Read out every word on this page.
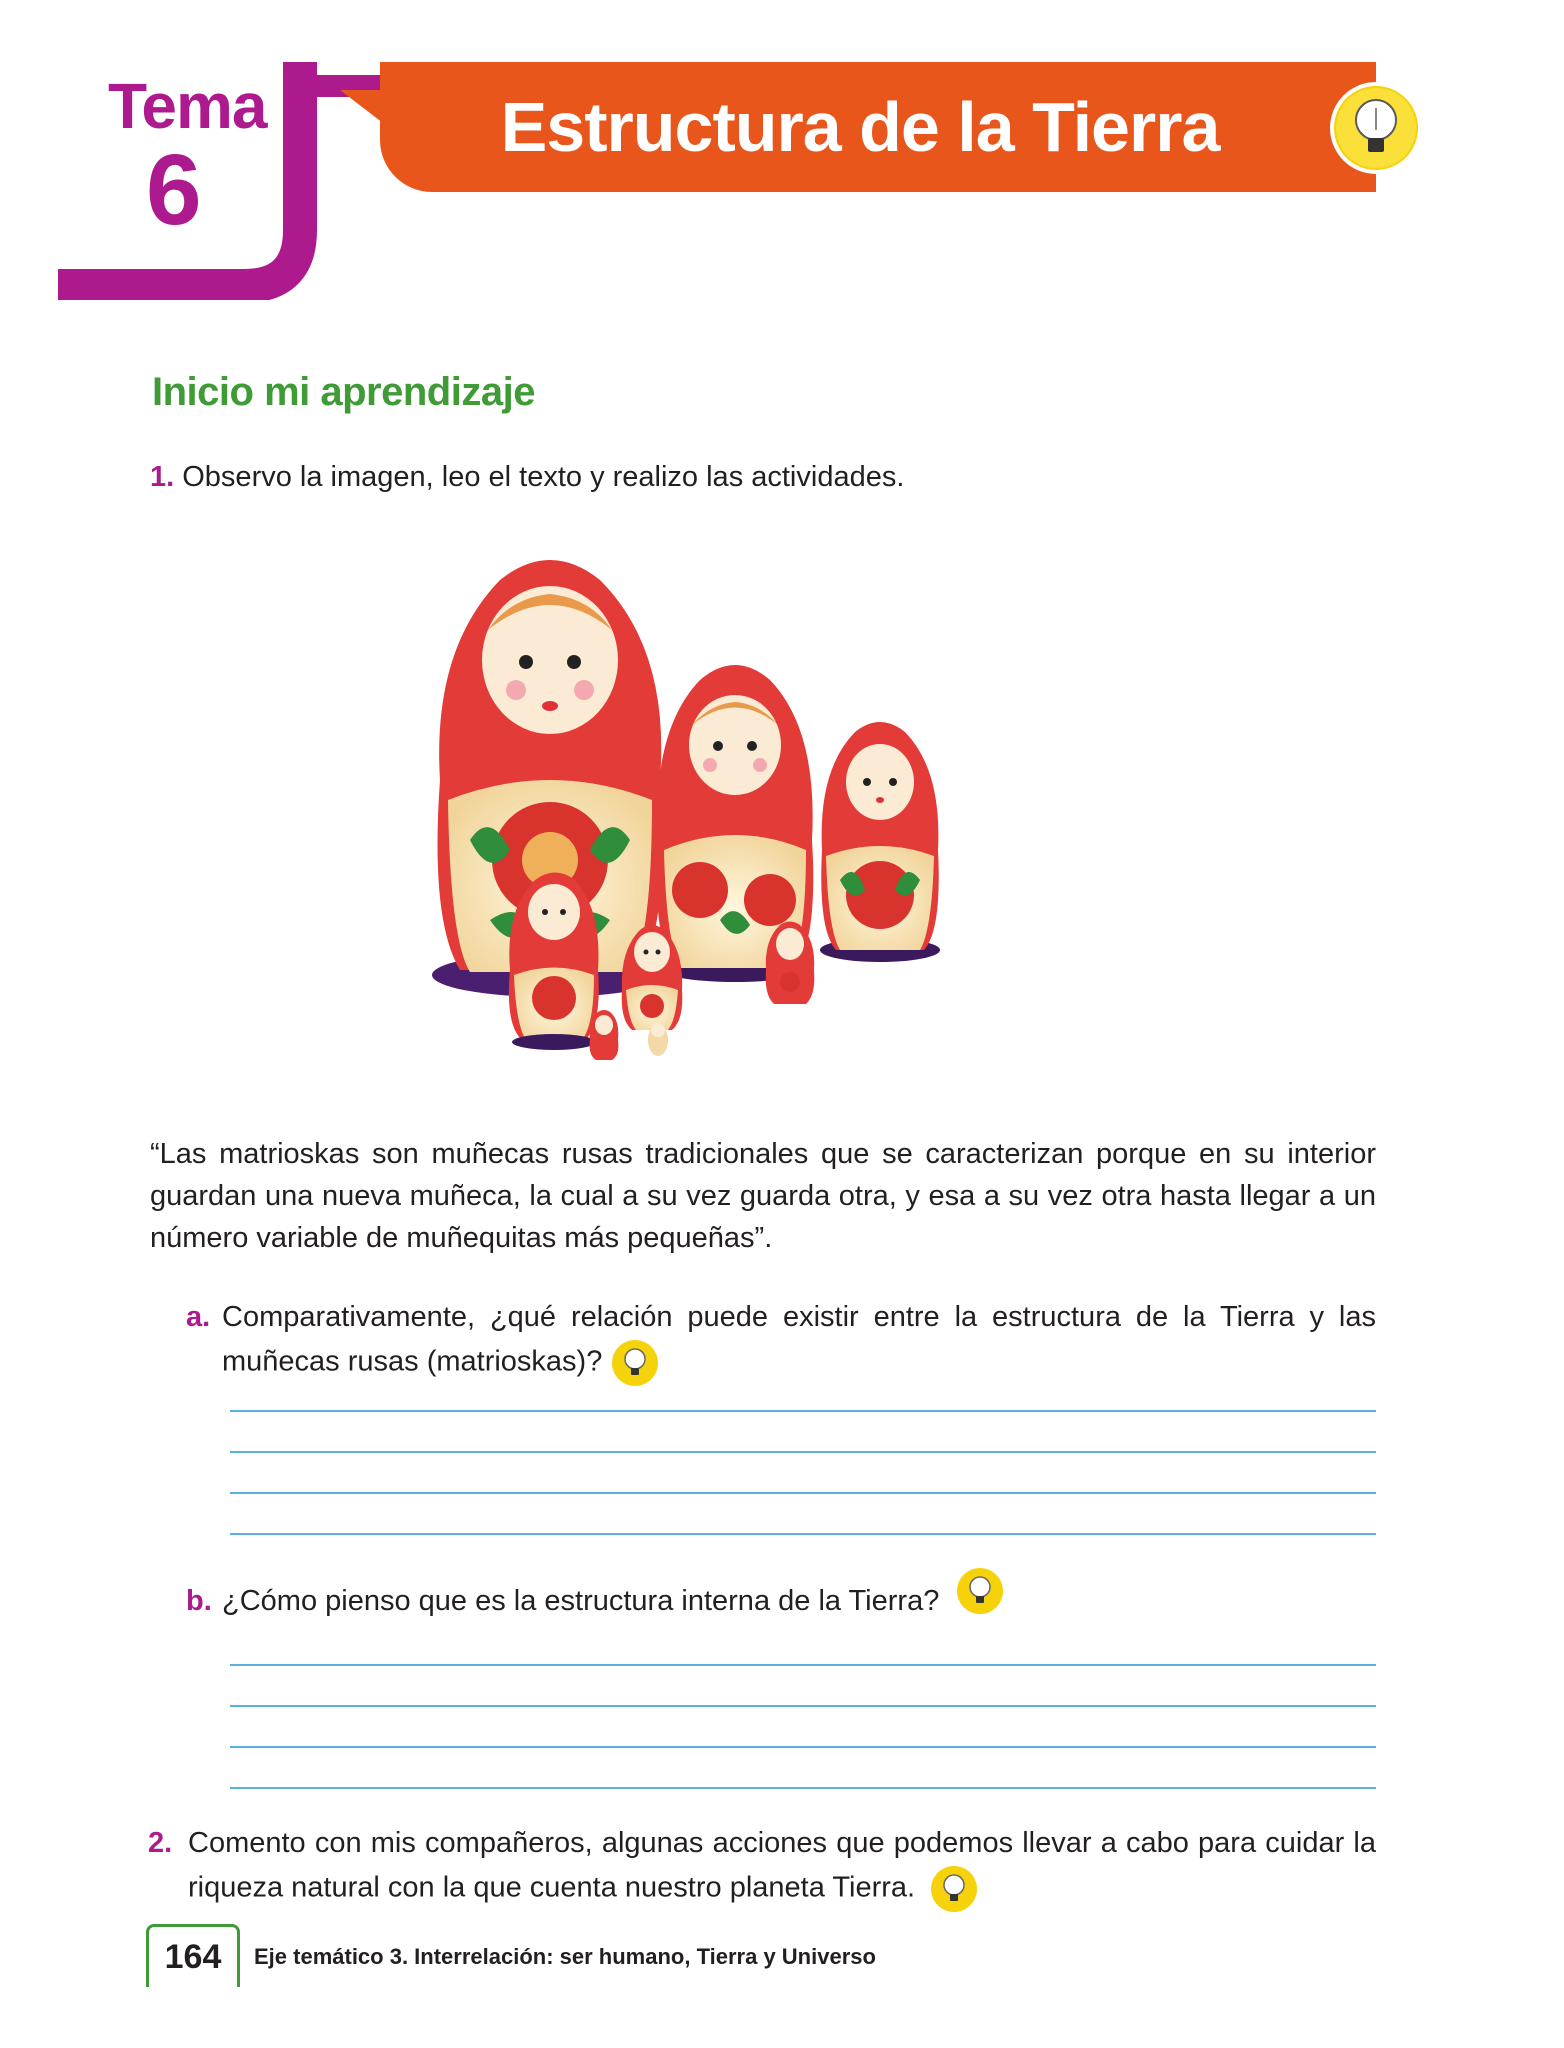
Tema
6
Estructura de la Tierra
Inicio mi aprendizaje
1. Observo la imagen, leo el texto y realizo las actividades.
“Las matrioskas son muñecas rusas tradicionales que se caracterizan porque en su interior guardan una nueva muñeca, la cual a su vez guarda otra, y esa a su vez otra hasta llegar a un número variable de muñequitas más pequeñas”.
a. Comparativamente, ¿qué relación puede existir entre la estructura de la Tierra y las muñecas rusas (matrioskas)?
b. ¿Cómo pienso que es la estructura interna de la Tierra?
2. Comento con mis compañeros, algunas acciones que podemos llevar a cabo para cuidar la riqueza natural con la que cuenta nuestro planeta Tierra.
164	Eje temático 3. Interrelación: ser humano, Tierra y Universo
